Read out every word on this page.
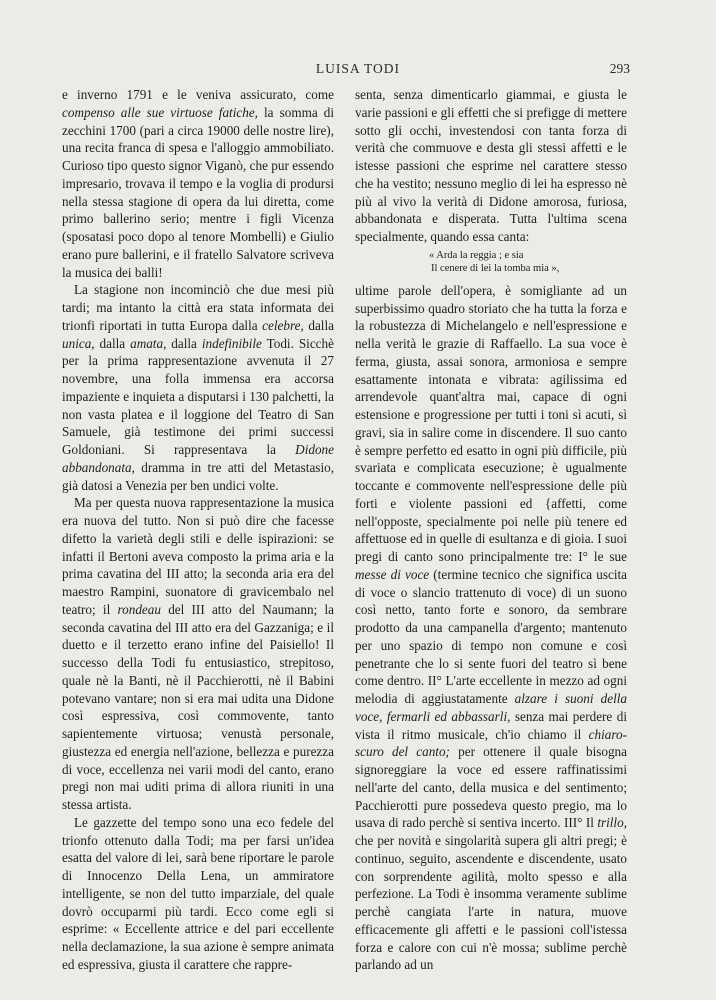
LUISA TODI	293

e inverno 1791 e le veniva assicurato, come compenso alle sue virtuose fatiche, la somma di zecchini 1700 (pari a circa 19000 delle nostre lire), una recita franca di spesa e l'alloggio ammobiliato. Curioso tipo questo signor Viganò, che pur essendo impresario, trovava il tempo e la voglia di prodursi nella stessa stagione di opera da lui diretta, come primo ballerino serio; mentre i figli Vicenza (sposatasi poco dopo al tenore Mombelli) e Giulio erano pure ballerini, e il fratello Salvatore scriveva la musica dei balli!

La stagione non incominciò che due mesi più tardi; ma intanto la città era stata informata dei trionfi riportati in tutta Europa dalla celebre, dalla unica, dalla amata, dalla indefinibile Todi. Sicchè per la prima rappresentazione avvenuta il 27 novembre, una folla immensa era accorsa impaziente e inquieta a disputarsi i 130 palchetti, la non vasta platea e il loggione del Teatro di San Samuele, già testimone dei primi successi Goldoniani. Si rappresentava la Didone abbandonata, dramma in tre atti del Metastasio, già datosi a Venezia per ben undici volte.

Ma per questa nuova rappresentazione la musica era nuova del tutto. Non si può dire che facesse difetto la varietà degli stili e delle ispirazioni: se infatti il Bertoni aveva composto la prima aria e la prima cavatina del III atto; la seconda aria era del maestro Rampini, suonatore di gravicembalo nel teatro; il rondeau del III atto del Naumann; la seconda cavatina del III atto era del Gazzaniga; e il duetto e il terzetto erano infine del Paisiello! Il successo della Todi fu entusiastico, strepitoso, quale nè la Banti, nè il Pacchierotti, nè il Babini potevano vantare; non si era mai udita una Didone così espressiva, così commovente, tanto sapientemente virtuosa; venustà personale, giustezza ed energia nell'azione, bellezza e purezza di voce, eccellenza nei varii modi del canto, erano pregi non mai uditi prima di allora riuniti in una stessa artista.

Le gazzette del tempo sono una eco fedele del trionfo ottenuto dalla Todi; ma per farsi un'idea esatta del valore di lei, sarà bene riportare le parole di Innocenzo Della Lena, un ammiratore intelligente, se non del tutto imparziale, del quale dovrò occuparmi più tardi. Ecco come egli si esprime: « Eccellente attrice e del pari eccellente nella declamazione, la sua azione è sempre animata ed espressiva, giusta il carattere che rappre-

senta, senza dimenticarlo giammai, e giusta le varie passioni e gli effetti che si prefigge di mettere sotto gli occhi, investendosi con tanta forza di verità che commuove e desta gli stessi affetti e le istesse passioni che esprime nel carattere stesso che ha vestito; nessuno meglio di lei ha espresso nè più al vivo la verità di Didone amorosa, furiosa, abbandonata e disperata. Tutta l'ultima scena specialmente, quando essa canta:

« Arda la reggia ; e sia
Il cenere di lei la tomba mia »,

ultime parole dell'opera, è somigliante ad un superbissimo quadro storiato che ha tutta la forza e la robustezza di Michelangelo e nell'espressione e nella verità le grazie di Raffaello. La sua voce è ferma, giusta, assai sonora, armoniosa e sempre esattamente intonata e vibrata: agilissima ed arrendevole quant'altra mai, capace di ogni estensione e progressione per tutti i toni sì acuti, sì gravi, sia in salire come in discendere. Il suo canto è sempre perfetto ed esatto in ogni più difficile, più svariata e complicata esecuzione; è ugualmente toccante e commovente nell'espressione delle più forti e violente passioni ed {affetti, come nell'opposte, specialmente poi nelle più tenere ed affettuose ed in quelle di esultanza e di gioia. I suoi pregi di canto sono principalmente tre: I° le sue messe di voce (termine tecnico che significa uscita di voce o slancio trattenuto di voce) di un suono così netto, tanto forte e sonoro, da sembrare prodotto da una campanella d'argento; mantenuto per uno spazio di tempo non comune e così penetrante che lo si sente fuori del teatro sì bene come dentro. II° L'arte eccellente in mezzo ad ogni melodia di aggiustatamente alzare i suoni della voce, fermarli ed abbassarli, senza mai perdere di vista il ritmo musicale, ch'io chiamo il chiaro-scuro del canto; per ottenere il quale bisogna signoreggiare la voce ed essere raffinatissimi nell'arte del canto, della musica e del sentimento; Pacchierotti pure possedeva questo pregio, ma lo usava di rado perchè si sentiva incerto. III° Il trillo, che per novità e singolarità supera gli altri pregi; è continuo, seguito, ascendente e discendente, usato con sorprendente agilità, molto spesso e alla perfezione. La Todi è insomma veramente sublime perchè cangiata l'arte in natura, muove efficacemente gli affetti e le passioni coll'istessa forza e calore con cui n'è mossa; sublime perchè parlando ad un
